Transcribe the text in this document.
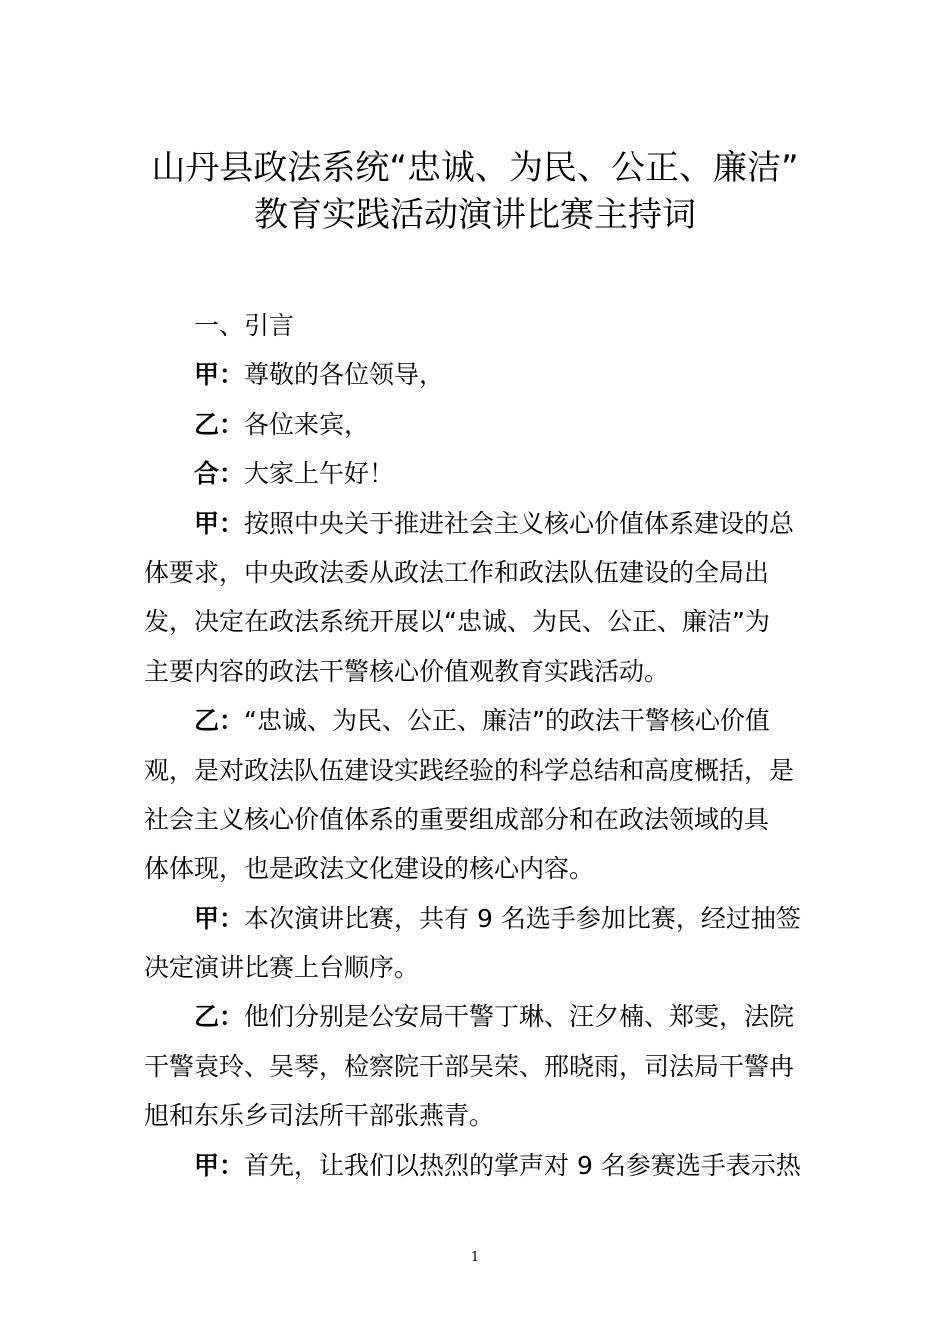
山丹县政法系统“忠诚、为民、公正、廉洁”
教育实践活动演讲比赛主持词
一、引言
甲：尊敬的各位领导，
乙：各位来宾，
合：大家上午好！
甲：按照中央关于推进社会主义核心价值体系建设的总
体要求，中央政法委从政法工作和政法队伍建设的全局出
发，决定在政法系统开展以“忠诚、为民、公正、廉洁”为
主要内容的政法干警核心价值观教育实践活动。
乙：“忠诚、为民、公正、廉洁”的政法干警核心价值
观，是对政法队伍建设实践经验的科学总结和高度概括，是
社会主义核心价值体系的重要组成部分和在政法领域的具
体体现，也是政法文化建设的核心内容。
甲：本次演讲比赛，共有 9 名选手参加比赛，经过抽签
决定演讲比赛上台顺序。
乙：他们分别是公安局干警丁琳、汪夕楠、郑雯，法院
干警袁玲、吴琴，检察院干部吴荣、邢晓雨，司法局干警冉
旭和东乐乡司法所干部张燕青。
甲：首先，让我们以热烈的掌声对 9 名参赛选手表示热
1
